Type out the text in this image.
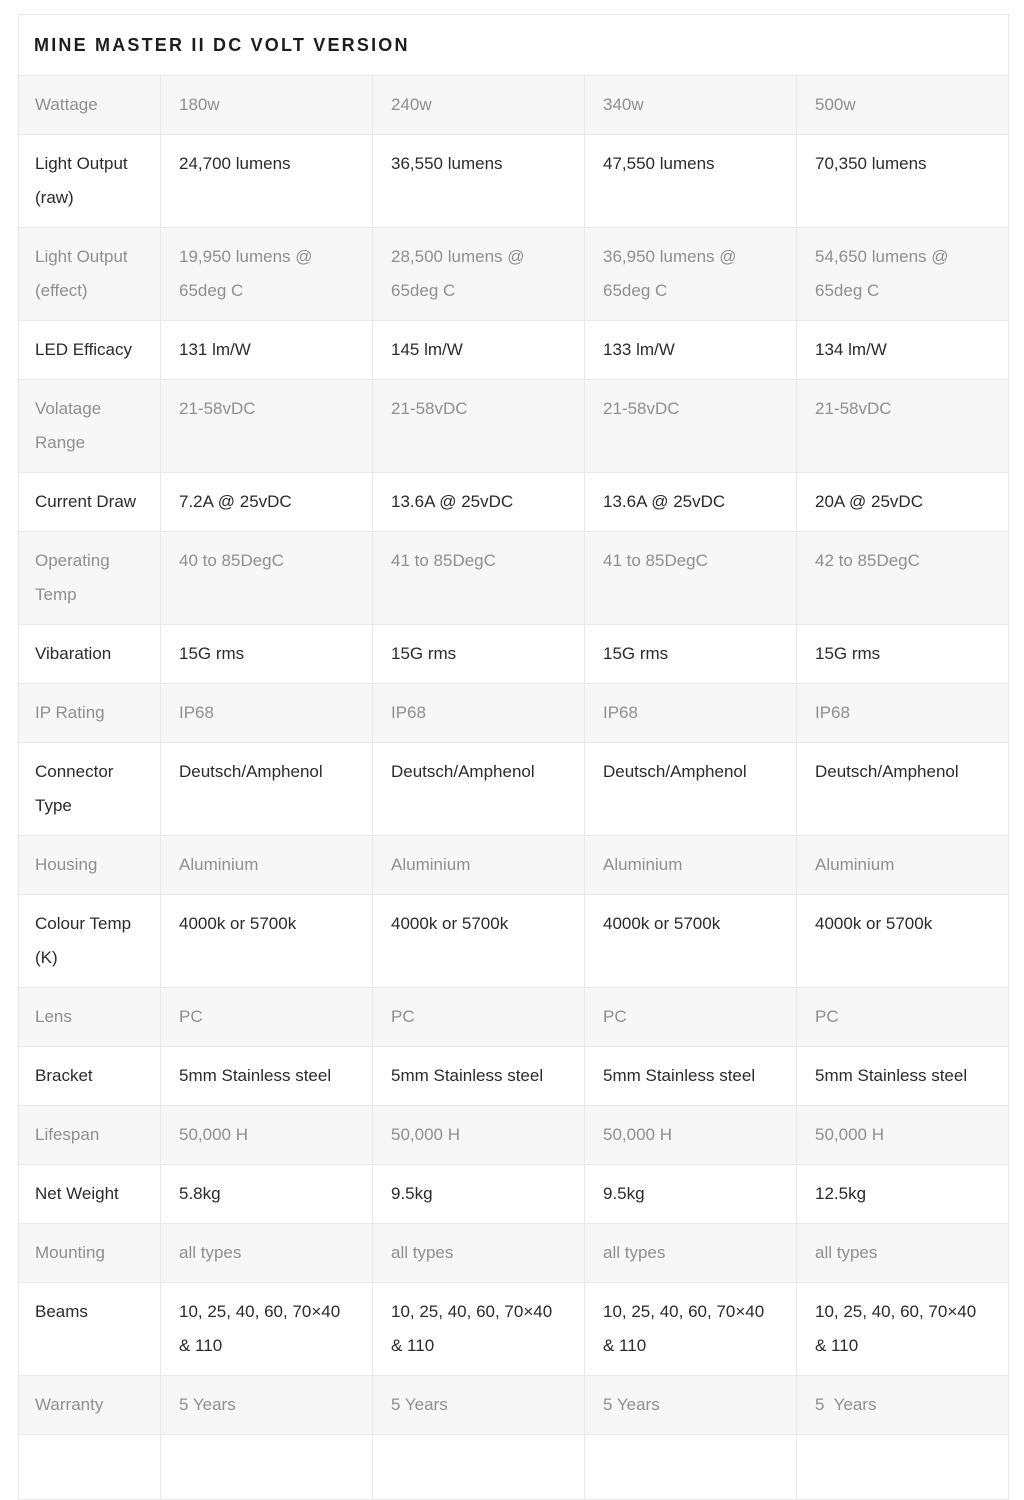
MINE MASTER II DC VOLT VERSION				
Wattage	180w	240w	340w	500w
Light Output (raw)	24,700 lumens	36,550 lumens	47,550 lumens	70,350 lumens
Light Output (effect)	19,950 lumens @ 65deg C	28,500 lumens @ 65deg C	36,950 lumens @ 65deg C	54,650 lumens @ 65deg C
LED Efficacy	131 lm/W	145 lm/W	133 lm/W	134 lm/W
Volatage Range	21-58vDC	21-58vDC	21-58vDC	21-58vDC
Current Draw	7.2A @ 25vDC	13.6A @ 25vDC	13.6A @ 25vDC	20A @ 25vDC
Operating Temp	40 to 85DegC	41 to 85DegC	41 to 85DegC	42 to 85DegC
Vibaration	15G rms	15G rms	15G rms	15G rms
IP Rating	IP68	IP68	IP68	IP68
Connector Type	Deutsch/Amphenol	Deutsch/Amphenol	Deutsch/Amphenol	Deutsch/Amphenol
Housing	Aluminium	Aluminium	Aluminium	Aluminium
Colour Temp (K)	4000k or 5700k	4000k or 5700k	4000k or 5700k	4000k or 5700k
Lens	PC	PC	PC	PC
Bracket	5mm Stainless steel	5mm Stainless steel	5mm Stainless steel	5mm Stainless steel
Lifespan	50,000 H	50,000 H	50,000 H	50,000 H
Net Weight	5.8kg	9.5kg	9.5kg	12.5kg
Mounting	all types	all types	all types	all types
Beams	10, 25, 40, 60, 70×40 & 110	10, 25, 40, 60, 70×40 & 110	10, 25, 40, 60, 70×40 & 110	10, 25, 40, 60, 70×40 & 110
Warranty	5 Years	5 Years	5 Years	5  Years
